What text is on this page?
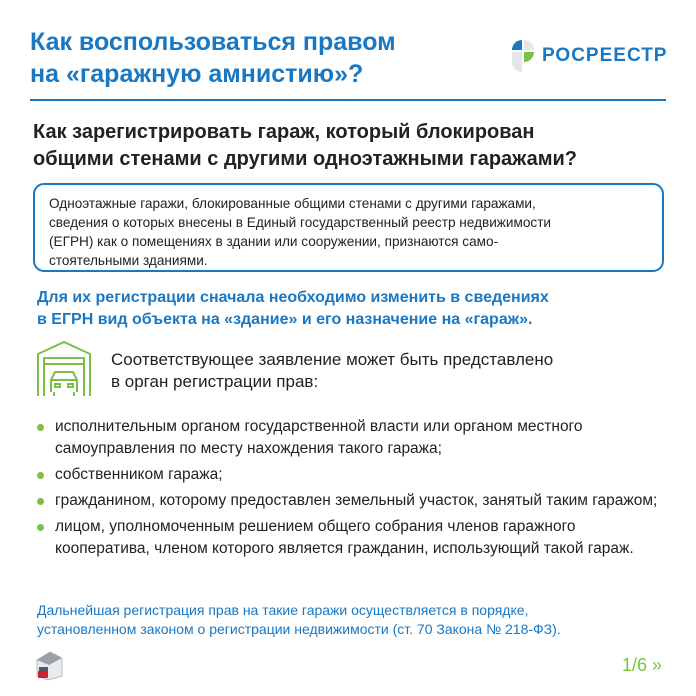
Как воспользоваться правом
на «гаражную амнистию»?
РОСРЕЕСТР
Как зарегистрировать гараж, который блокирован
общими стенами с другими одноэтажными гаражами?
Одноэтажные гаражи, блокированные общими стенами с другими гаражами,
сведения о которых внесены в Единый государственный реестр недвижимости
(ЕГРН) как о помещениях в здании или сооружении, признаются само-
стоятельными зданиями.
Для их регистрации сначала необходимо изменить в сведениях
в ЕГРН вид объекта на «здание» и его назначение на «гараж».
Соответствующее заявление может быть представлено
в орган регистрации прав:
исполнительным органом государственной власти или органом местного самоуправления по месту нахождения такого гаража;
собственником гаража;
гражданином, которому предоставлен земельный участок, занятый таким гаражом;
лицом, уполномоченным решением общего собрания членов гаражного кооператива, членом которого является гражданин, использующий такой гараж.
Дальнейшая регистрация прав на такие гаражи осуществляется в порядке,
установленном законом о регистрации недвижимости (ст. 70 Закона № 218-ФЗ).
1/6 »
